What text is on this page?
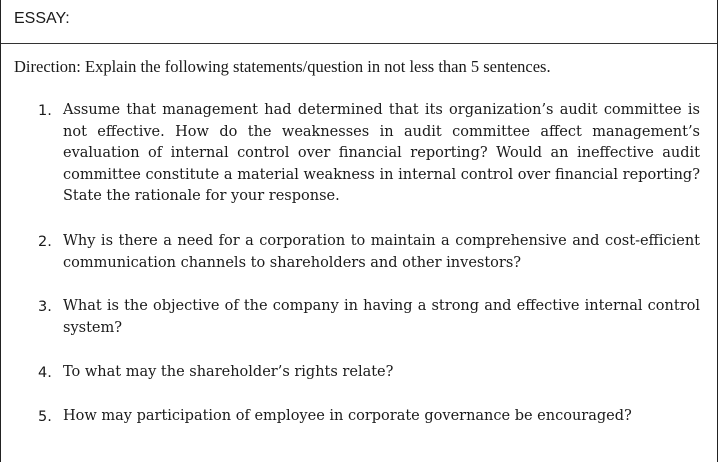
ESSAY:
Direction: Explain the following statements/question in not less than 5 sentences.
1. Assume that management had determined that its organization’s audit committee is not effective. How do the weaknesses in audit committee affect management’s evaluation of internal control over financial reporting? Would an ineffective audit committee constitute a material weakness in internal control over financial reporting? State the rationale for your response.
2. Why is there a need for a corporation to maintain a comprehensive and cost-efficient communication channels to shareholders and other investors?
3. What is the objective of the company in having a strong and effective internal control system?
4. To what may the shareholder’s rights relate?
5. How may participation of employee in corporate governance be encouraged?
